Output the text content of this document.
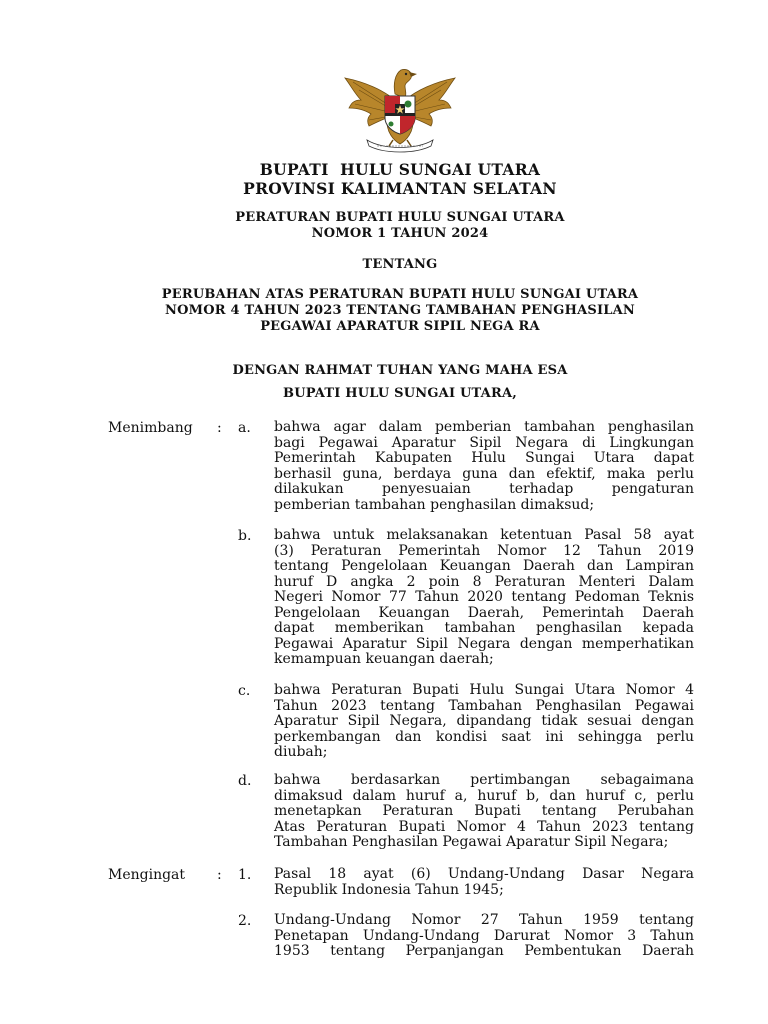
BUPATI  HULU SUNGAI UTARA
PROVINSI KALIMANTAN SELATAN
PERATURAN BUPATI HULU SUNGAI UTARA
NOMOR 1 TAHUN 2024
TENTANG
PERUBAHAN ATAS PERATURAN BUPATI HULU SUNGAI UTARA
NOMOR 4 TAHUN 2023 TENTANG TAMBAHAN PENGHASILAN
PEGAWAI APARATUR SIPIL NEGA RA
DENGAN RAHMAT TUHAN YANG MAHA ESA
BUPATI HULU SUNGAI UTARA,
Menimbang : a. bahwa agar dalam pemberian tambahan penghasilan
bagi Pegawai Aparatur Sipil Negara di Lingkungan
Pemerintah Kabupaten Hulu Sungai Utara dapat
berhasil guna, berdaya guna dan efektif, maka perlu
dilakukan penyesuaian terhadap pengaturan
pemberian tambahan penghasilan dimaksud;
b. bahwa untuk melaksanakan ketentuan Pasal 58 ayat
(3) Peraturan Pemerintah Nomor 12 Tahun 2019
tentang Pengelolaan Keuangan Daerah dan Lampiran
huruf D angka 2 poin 8 Peraturan Menteri Dalam
Negeri Nomor 77 Tahun 2020 tentang Pedoman Teknis
Pengelolaan Keuangan Daerah, Pemerintah Daerah
dapat memberikan tambahan penghasilan kepada
Pegawai Aparatur Sipil Negara dengan memperhatikan
kemampuan keuangan daerah;
c. bahwa Peraturan Bupati Hulu Sungai Utara Nomor 4
Tahun 2023 tentang Tambahan Penghasilan Pegawai
Aparatur Sipil Negara, dipandang tidak sesuai dengan
perkembangan dan kondisi saat ini sehingga perlu
diubah;
d. bahwa berdasarkan pertimbangan sebagaimana
dimaksud dalam huruf a, huruf b, dan huruf c, perlu
menetapkan Peraturan Bupati tentang Perubahan
Atas Peraturan Bupati Nomor 4 Tahun 2023 tentang
Tambahan Penghasilan Pegawai Aparatur Sipil Negara;
Mengingat : 1. Pasal 18 ayat (6) Undang-Undang Dasar Negara
Republik Indonesia Tahun 1945;
2. Undang-Undang Nomor 27 Tahun 1959 tentang
Penetapan Undang-Undang Darurat Nomor 3 Tahun
1953 tentang Perpanjangan Pembentukan Daerah
